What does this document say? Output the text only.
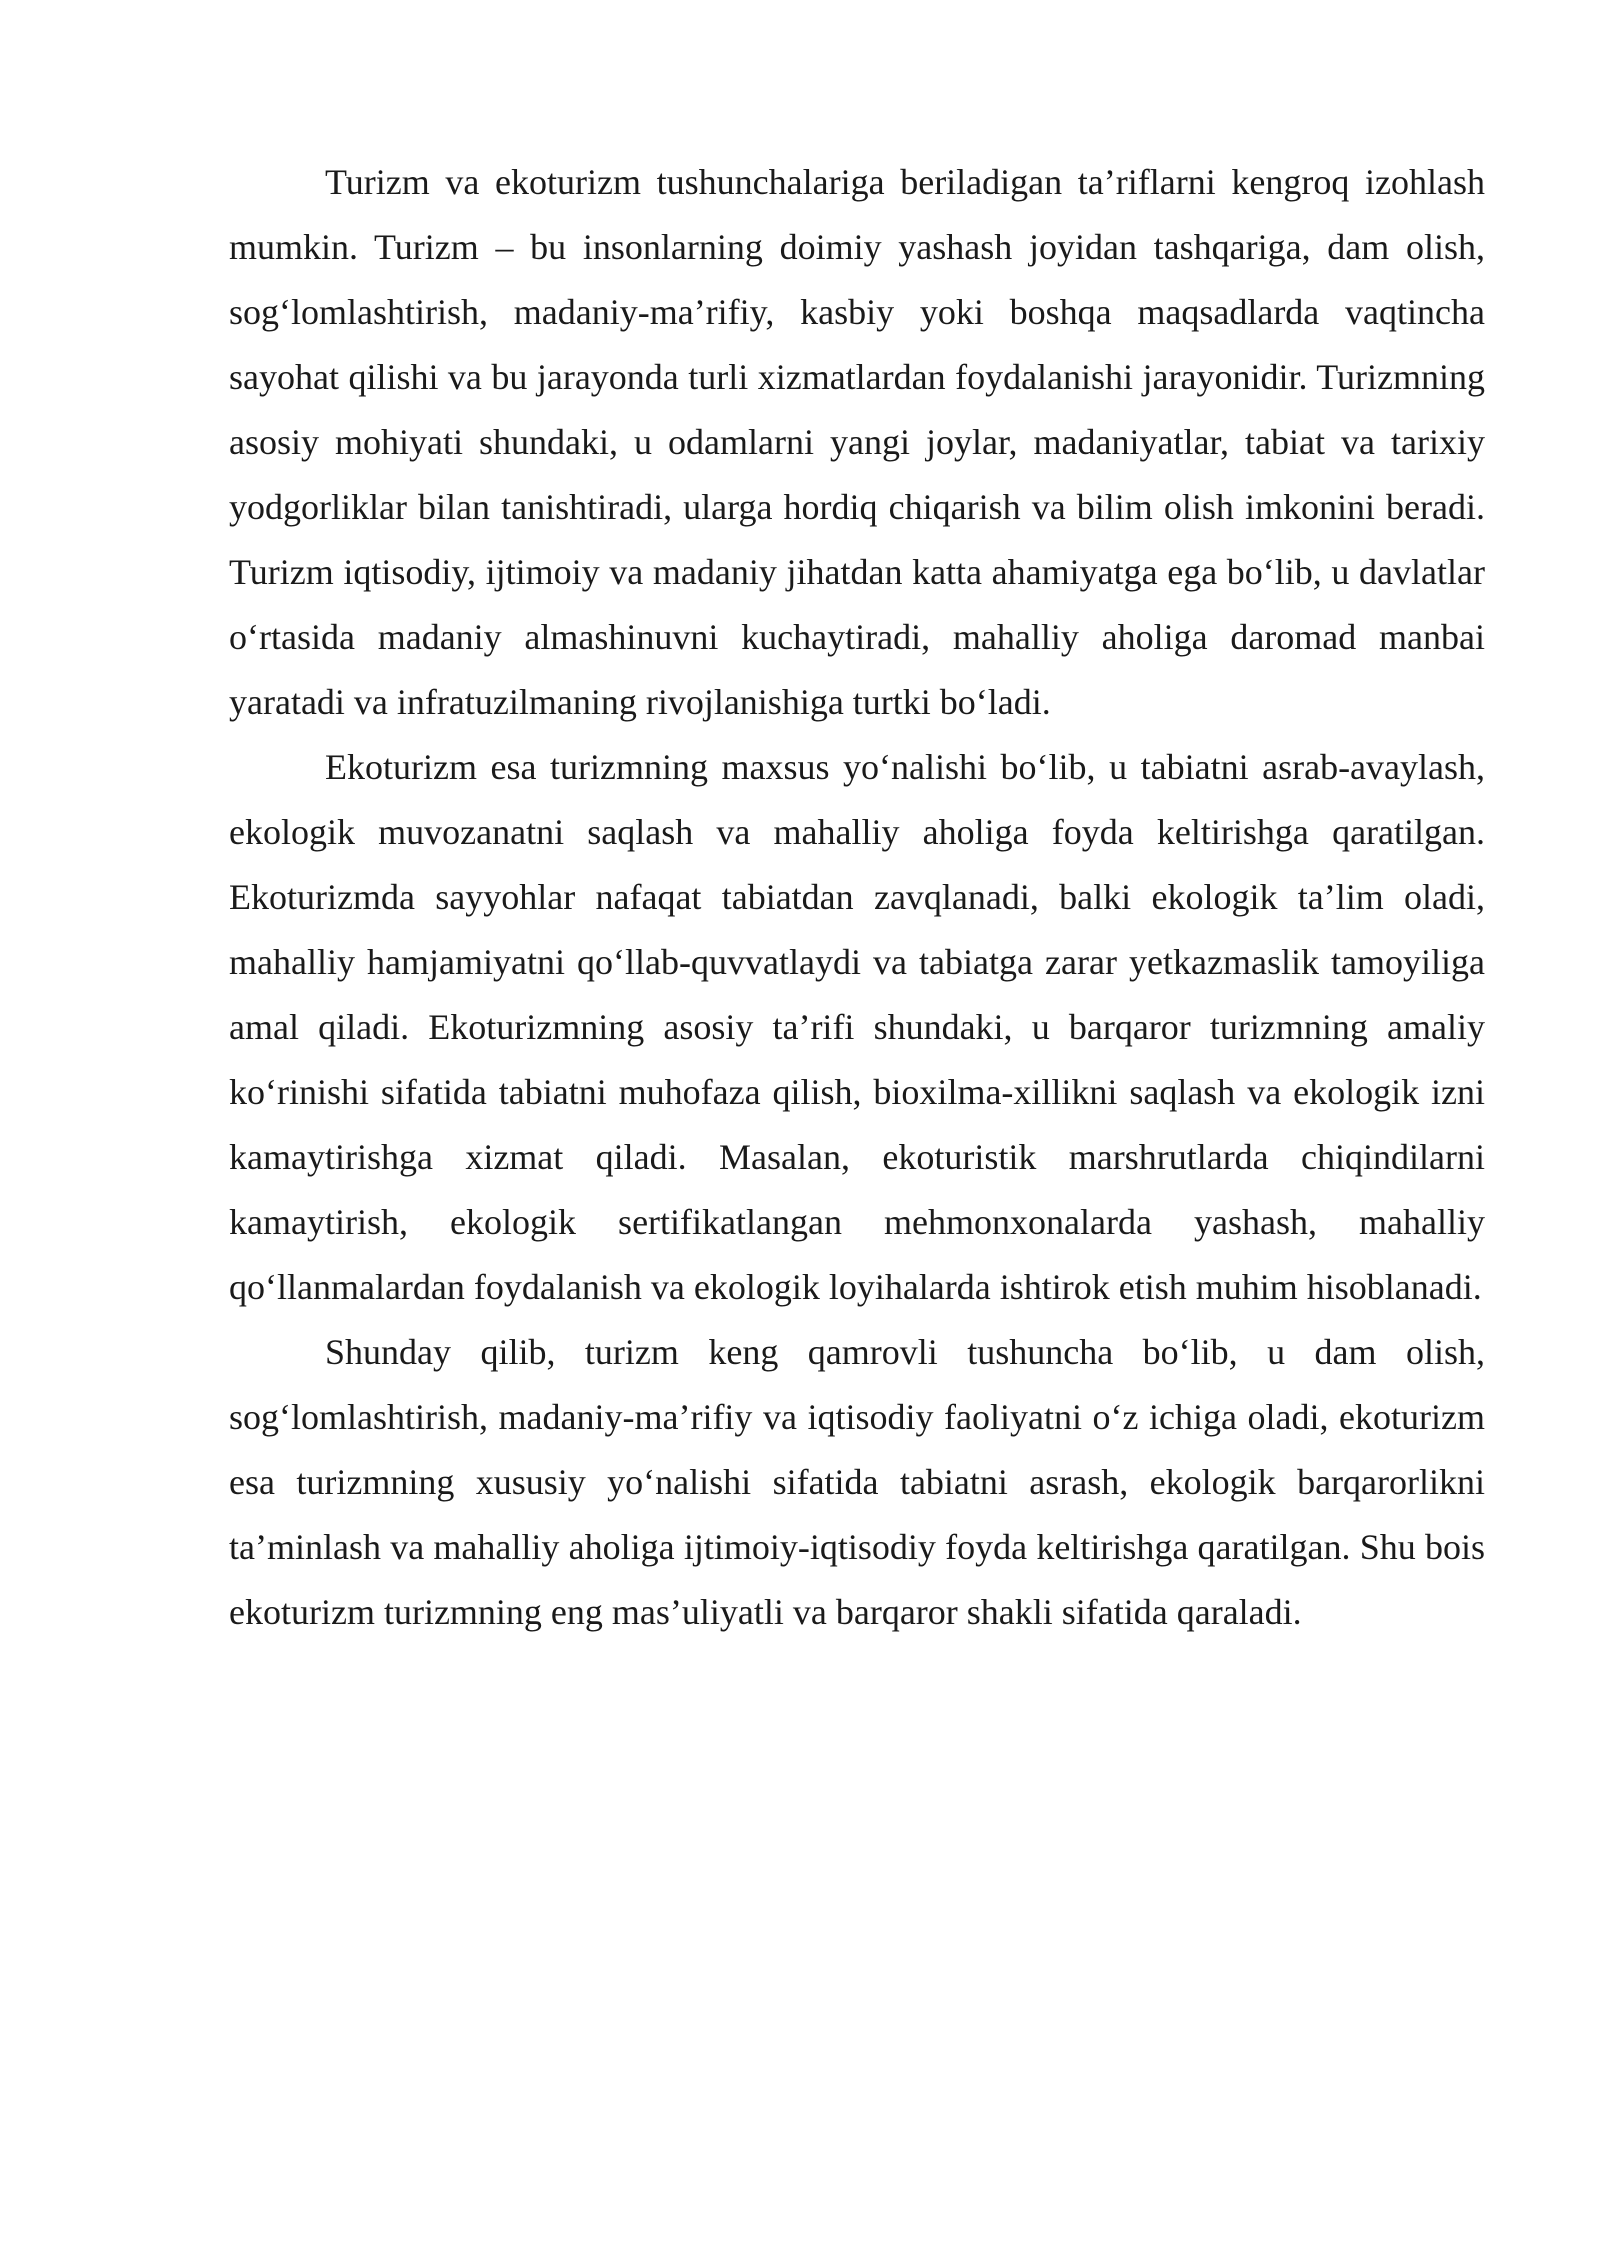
Turizm va ekoturizm tushunchalariga beriladigan ta’riflarni kengroq izohlash mumkin. Turizm – bu insonlarning doimiy yashash joyidan tashqariga, dam olish, sog‘lomlashtirish, madaniy-ma’rifiy, kasbiy yoki boshqa maqsadlarda vaqtincha sayohat qilishi va bu jarayonda turli xizmatlardan foydalanishi jarayonidir. Turizmning asosiy mohiyati shundaki, u odamlarni yangi joylar, madaniyatlar, tabiat va tarixiy yodgorliklar bilan tanishtiradi, ularga hordiq chiqarish va bilim olish imkonini beradi. Turizm iqtisodiy, ijtimoiy va madaniy jihatdan katta ahamiyatga ega bo‘lib, u davlatlar o‘rtasida madaniy almashinuvni kuchaytiradi, mahalliy aholiga daromad manbai yaratadi va infratuzilmaning rivojlanishiga turtki bo‘ladi.

Ekoturizm esa turizmning maxsus yo‘nalishi bo‘lib, u tabiatni asrab-avaylash, ekologik muvozanatni saqlash va mahalliy aholiga foyda keltirishga qaratilgan. Ekoturizmda sayyohlar nafaqat tabiatdan zavqlanadi, balki ekologik ta’lim oladi, mahalliy hamjamiyatni qo‘llab-quvvatlaydi va tabiatga zarar yetkazmaslik tamoyiliga amal qiladi. Ekoturizmning asosiy ta’rifi shundaki, u barqaror turizmning amaliy ko‘rinishi sifatida tabiatni muhofaza qilish, bioxilma-xillikni saqlash va ekologik izni kamaytirishga xizmat qiladi. Masalan, ekoturistik marshrutlarda chiqindilarni kamaytirish, ekologik sertifikatlangan mehmonxonalarda yashash, mahalliy qo‘llanmalardan foydalanish va ekologik loyihalarda ishtirok etish muhim hisoblanadi.

Shunday qilib, turizm keng qamrovli tushuncha bo‘lib, u dam olish, sog‘lomlashtirish, madaniy-ma’rifiy va iqtisodiy faoliyatni o‘z ichiga oladi, ekoturizm esa turizmning xususiy yo‘nalishi sifatida tabiatni asrash, ekologik barqarorlikni ta’minlash va mahalliy aholiga ijtimoiy-iqtisodiy foyda keltirishga qaratilgan. Shu bois ekoturizm turizmning eng mas’uliyatli va barqaror shakli sifatida qaraladi.
